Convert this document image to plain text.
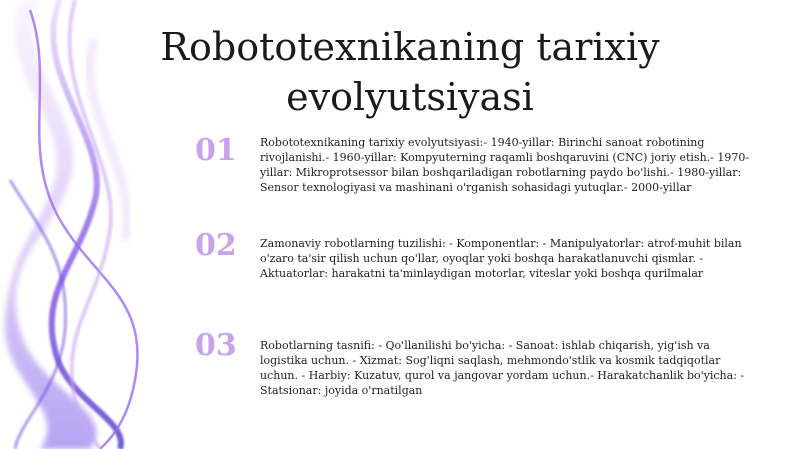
Robototexnikaning tarixiy evolyutsiyasi
01	Robototexnikaning tarixiy evolyutsiyasi:- 1940-yillar: Birinchi sanoat robotining rivojlanishi.- 1960-yillar: Kompyuterning raqamli boshqaruvini (CNC) joriy etish.- 1970-yillar: Mikroprotsessor bilan boshqariladigan robotlarning paydo bo'lishi.- 1980-yillar: Sensor texnologiyasi va mashinani o'rganish sohasidagi yutuqlar.- 2000-yillar
02	Zamonaviy robotlarning tuzilishi: - Komponentlar: - Manipulyatorlar: atrof-muhit bilan o'zaro ta'sir qilish uchun qo'llar, oyoqlar yoki boshqa harakatlanuvchi qismlar. - Aktuatorlar: harakatni ta'minlaydigan motorlar, viteslar yoki boshqa qurilmalar
03	Robotlarning tasnifi: - Qo'llanilishi bo'yicha: - Sanoat: ishlab chiqarish, yig'ish va logistika uchun. - Xizmat: Sog'liqni saqlash, mehmondo'stlik va kosmik tadqiqotlar uchun. - Harbiy: Kuzatuv, qurol va jangovar yordam uchun.- Harakatchanlik bo'yicha: - Statsionar: joyida o'rnatilgan
